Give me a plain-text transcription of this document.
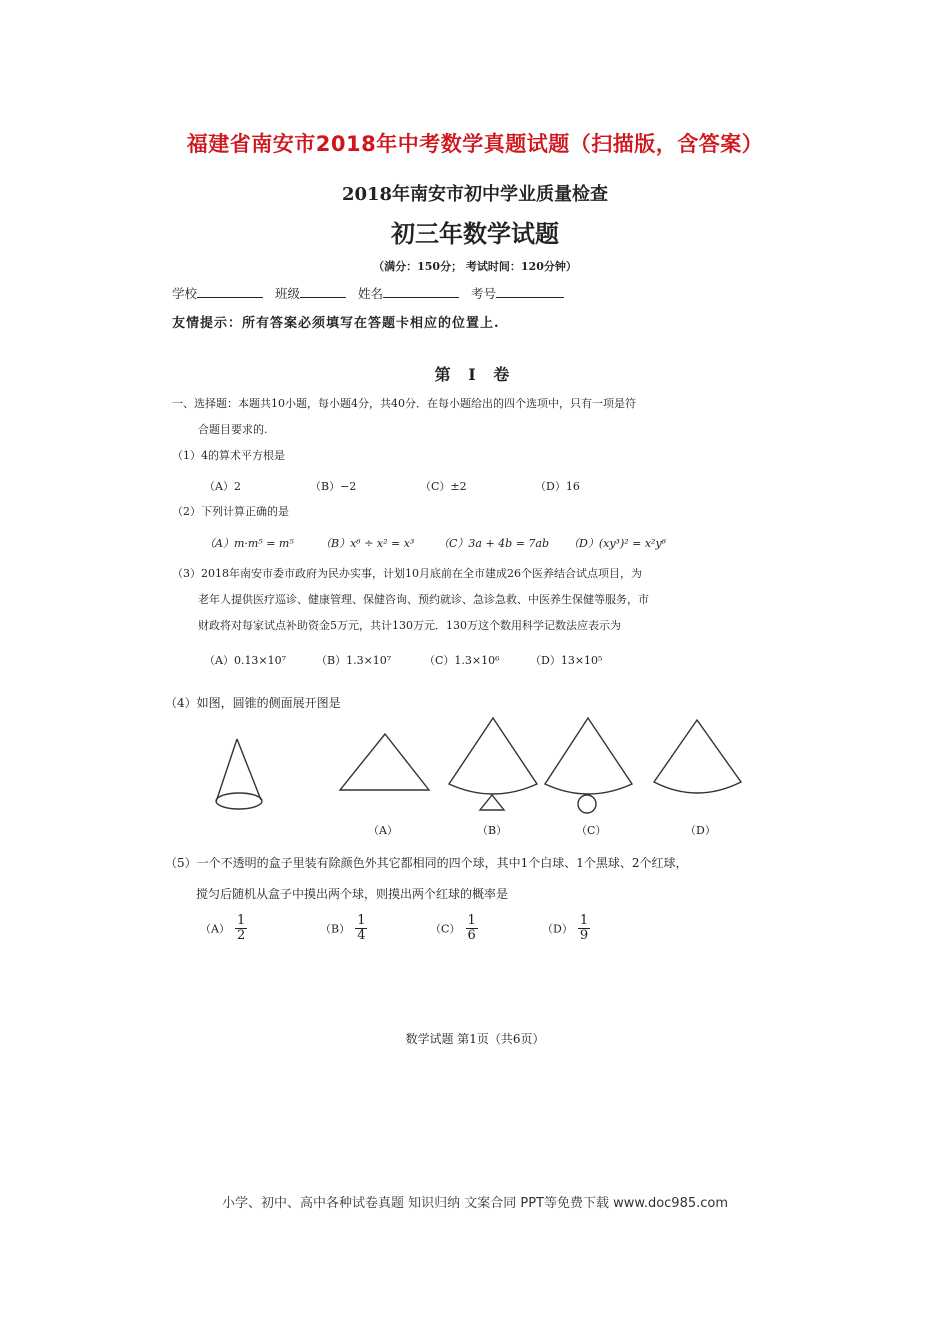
福建省南安市2018年中考数学真题试题（扫描版，含答案）
2018年南安市初中学业质量检查
初三年数学试题
（满分：150分； 考试时间：120分钟）
学校	班级	姓名	考号
友情提示：所有答案必须填写在答题卡相应的位置上.
第 Ⅰ 卷
一、选择题：本题共10小题，每小题4分，共40分．在每小题给出的四个选项中，只有一项是符
合题目要求的.
（1）4的算术平方根是
（A）2	（B）−2	（C）±2	（D）16
（2）下列计算正确的是
（A）m·m⁵ = m⁵ （B）x⁶ ÷ x² = x³ （C）3a + 4b = 7ab （D）(xy³)² = x²y⁶
（3）2018年南安市委市政府为民办实事，计划10月底前在全市建成26个医养结合试点项目，为
老年人提供医疗巡诊、健康管理、保健咨询、预约就诊、急诊急救、中医养生保健等服务，市
财政将对每家试点补助资金5万元，共计130万元．130万这个数用科学记数法应表示为
（A）0.13×10⁷	（B）1.3×10⁷	（C）1.3×10⁶	（D）13×10⁵
（4）如图，圆锥的侧面展开图是
（A）	（B）	（C）	（D）
（5）一个不透明的盒子里装有除颜色外其它都相同的四个球，其中1个白球、1个黑球、2个红球，
搅匀后随机从盒子中摸出两个球，则摸出两个红球的概率是
$(A) \frac{1}{2}$	$(B) \frac{1}{4}$	$(C) \frac{1}{6}$	$(D) \frac{1}{9}$
数学试题 第1页（共6页）
小学、初中、高中各种试卷真题 知识归纳 文案合同 PPT等免费下载 www.doc985.com
